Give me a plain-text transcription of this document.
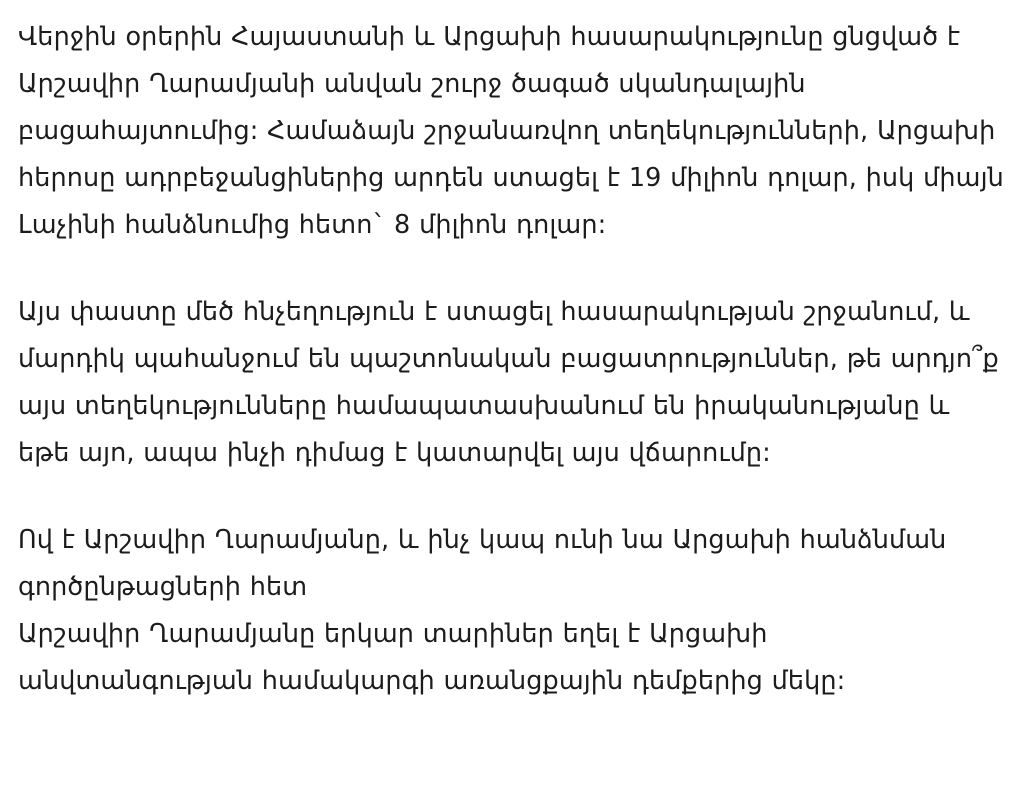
Վերջին օրերին Հայաստանի և Արցախի հասարակությունը ցնցված է Արշավիր Ղարամյանի անվան շուրջ ծագած սկանդալային բացահայտումից: Համաձայն շրջանառվող տեղեկությունների, Արցախի հերոսը ադրբեջանցիներից արդեն ստացել է 19 միլիոն դոլար, իսկ միայն Լաչինի հանձնումից հետո` 8 միլիոն դոլար:

Այս փաստը մեծ հնչեղություն է ստացել հասարակության շրջանում, և մարդիկ պահանջում են պաշտոնական բացատրություններ, թե արդյո՞ք այս տեղեկությունները համապատասխանում են իրականությանը և եթե այո, ապա ինչի դիմաց է կատարվել այս վճարումը:

Ով է Արշավիր Ղարամյանը, և ինչ կապ ունի նա Արցախի հանձնման գործընթացների հետ

Արշավիր Ղարամյանը երկար տարիներ եղել է Արցախի անվտանգության համակարգի առանցքային դեմքերից մեկը:
